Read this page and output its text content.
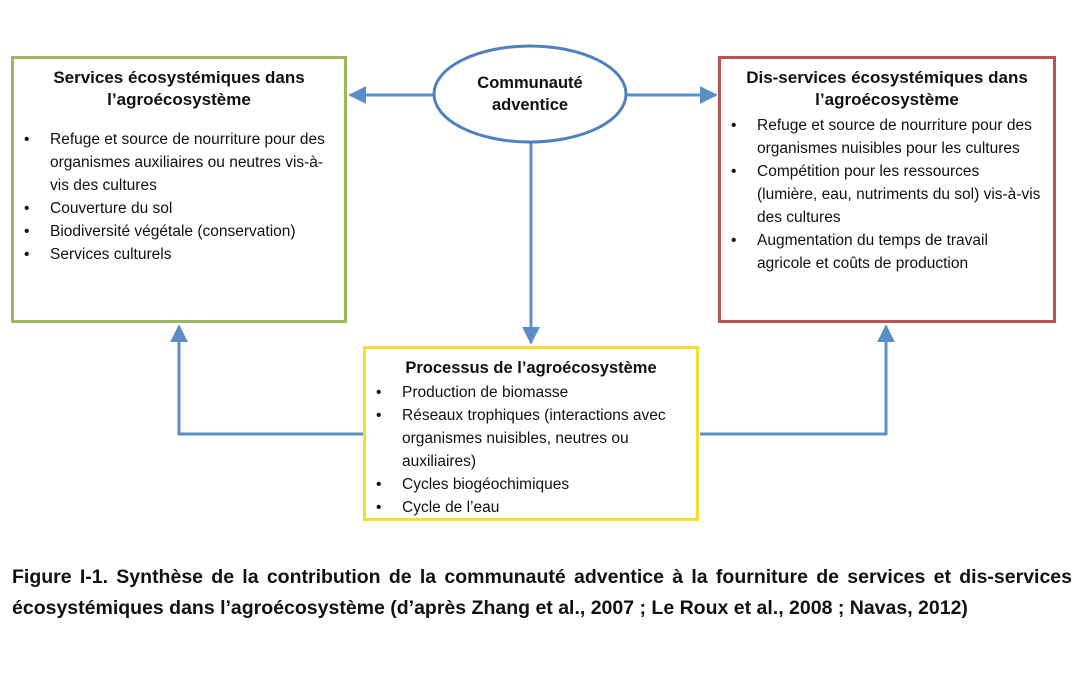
Communauté adventice
Services écosystémiques dans l’agroécosystème
• Refuge et source de nourriture pour des organismes auxiliaires ou neutres vis-à-vis des cultures
• Couverture du sol
• Biodiversité végétale (conservation)
• Services culturels
Dis-services écosystémiques dans l’agroécosystème
• Refuge et source de nourriture pour des organismes nuisibles pour les cultures
• Compétition pour les ressources (lumière, eau, nutriments du sol) vis-à-vis des cultures
• Augmentation du temps de travail agricole et coûts de production
Processus de l’agroécosystème
• Production de biomasse
• Réseaux trophiques (interactions avec organismes nuisibles, neutres ou auxiliaires)
• Cycles biogéochimiques
• Cycle de l’eau
Figure I-1. Synthèse de la contribution de la communauté adventice à la fourniture de services et dis-services écosystémiques dans l’agroécosystème (d’après Zhang et al., 2007 ; Le Roux et al., 2008 ; Navas, 2012)
